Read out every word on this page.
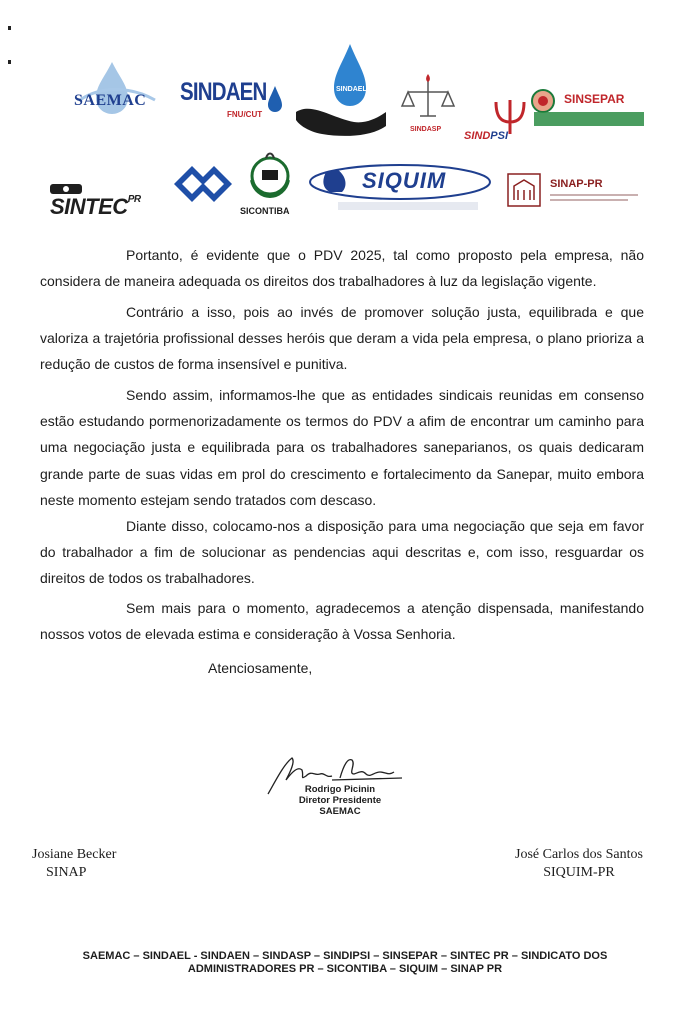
SAEMAC SINDAEN
FNU/CUT
SINDAEL
SINDASP
SINDPSI
SINSEPAR
$SINTEC^{PR}$
SICONTIBA
SIQUIM	SINAP-PR

Portanto, é evidente que o PDV 2025, tal como proposto pela empresa, não considera de maneira adequada os direitos dos trabalhadores à luz da legislação vigente.

Contrário a isso, pois ao invés de promover solução justa, equilibrada e que valoriza a trajetória profissional desses heróis que deram a vida pela empresa, o plano prioriza a redução de custos de forma insensível e punitiva.

Sendo assim, informamos-lhe que as entidades sindicais reunidas em consenso estão estudando pormenorizadamente os termos do PDV a afim de encontrar um caminho para uma negociação justa e equilibrada para os trabalhadores saneparianos, os quais dedicaram grande parte de suas vidas em prol do crescimento e fortalecimento da Sanepar, muito embora neste momento estejam sendo tratados com descaso.

Diante disso, colocamo-nos a disposição para uma negociação que seja em favor do trabalhador a fim de solucionar as pendencias aqui descritas e, com isso, resguardar os direitos de todos os trabalhadores.

Sem mais para o momento, agradecemos a atenção dispensada, manifestando nossos votos de elevada estima e consideração à Vossa Senhoria.

Atenciosamente,
Rodrigo Picinin
Diretor Presidente
SAEMAC
Josiane Becker
SINAP
José Carlos dos Santos
SIQUIM-PR
SAEMAC – SINDAEL - SINDAEN – SINDASP – SINDIPSI – SINSEPAR – SINTEC PR – SINDICATO DOS
ADMINISTRADORES PR – SICONTIBA – SIQUIM – SINAP PR
